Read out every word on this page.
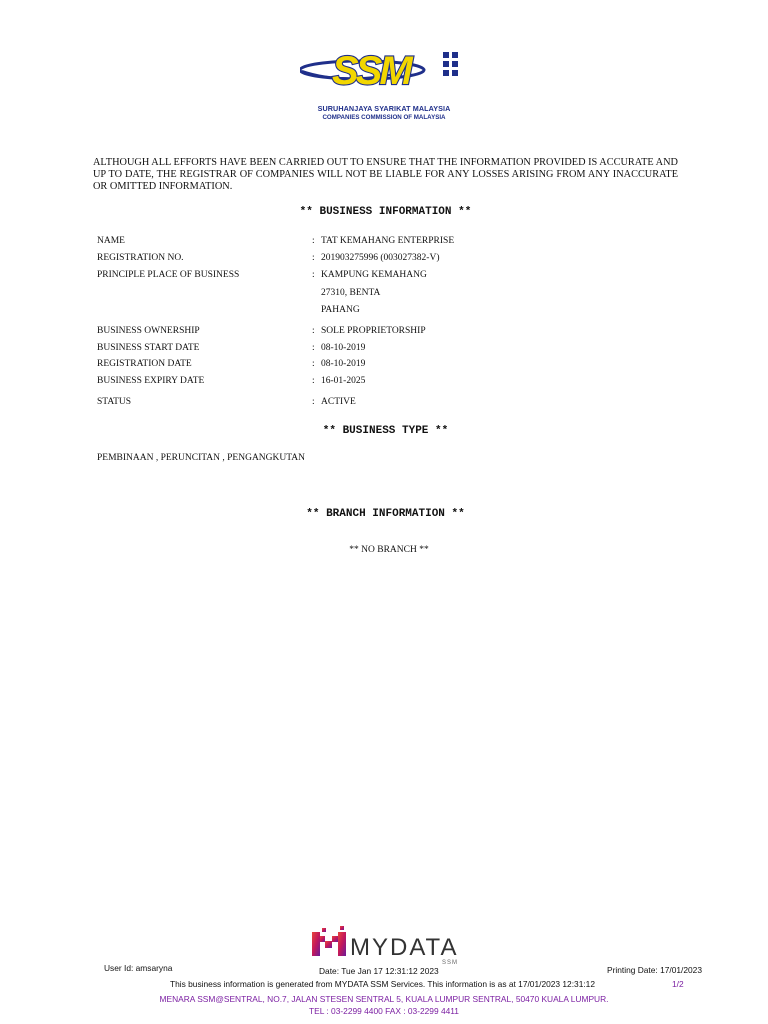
SSM
SURUHANJAYA SYARIKAT MALAYSIA
COMPANIES COMMISSION OF MALAYSIA
ALTHOUGH ALL EFFORTS HAVE BEEN CARRIED OUT TO ENSURE THAT THE INFORMATION PROVIDED IS ACCURATE AND UP TO DATE, THE REGISTRAR OF COMPANIES WILL NOT BE LIABLE FOR ANY LOSSES ARISING FROM ANY INACCURATE OR OMITTED INFORMATION.
** BUSINESS INFORMATION **
NAME	: TAT KEMAHANG ENTERPRISE
REGISTRATION NO.	: 201903275996 (003027382-V)
PRINCIPLE PLACE OF BUSINESS	: KAMPUNG KEMAHANG
27310, BENTA
PAHANG
BUSINESS OWNERSHIP	: SOLE PROPRIETORSHIP
BUSINESS START DATE	: 08-10-2019
REGISTRATION DATE	: 08-10-2019
BUSINESS EXPIRY DATE	: 16-01-2025
STATUS	: ACTIVE
** BUSINESS TYPE **
PEMBINAAN , PERUNCITAN , PENGANGKUTAN
** BRANCH INFORMATION **
** NO BRANCH **
MYDATA
SSM
User Id: amsaryna	Date: Tue Jan 17 12:31:12 2023	Printing Date: 17/01/2023
This business information is generated from MYDATA SSM Services. This information is as at 17/01/2023 12:31:12	1/2
MENARA SSM@SENTRAL, NO.7, JALAN STESEN SENTRAL 5, KUALA LUMPUR SENTRAL, 50470 KUALA LUMPUR.
TEL : 03-2299 4400 FAX : 03-2299 4411
